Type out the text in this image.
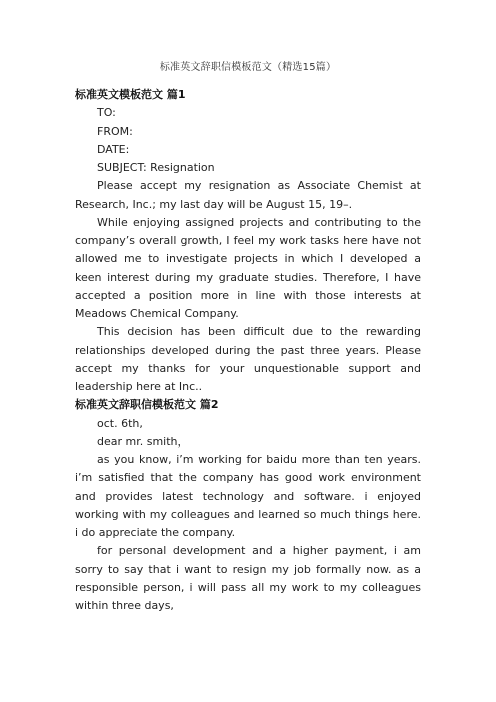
标准英文辞职信模板范文（精选15篇）

标准英文模板范文 篇1

TO:

FROM:

DATE:

SUBJECT: Resignation

Please accept my resignation as Associate Chemist at Research, Inc.; my last day will be August 15, 19–.

While enjoying assigned projects and contributing to the company’s overall growth, I feel my work tasks here have not allowed me to investigate projects in which I developed a keen interest during my graduate studies. Therefore, I have accepted a position more in line with those interests at Meadows Chemical Company.

This decision has been difficult due to the rewarding relationships developed during the past three years. Please accept my thanks for your unquestionable support and leadership here at Inc..

标准英文辞职信模板范文 篇2

oct. 6th,

dear mr. smith，

as you know, i’m working for baidu more than ten years. i’m satisfied that the company has good work environment and provides latest technology and software. i enjoyed working with my colleagues and learned so much things here. i do appreciate the company.

for personal development and a higher payment, i am sorry to say that i want to resign my job formally now. as a responsible person, i will pass all my work to my colleagues within three days,
